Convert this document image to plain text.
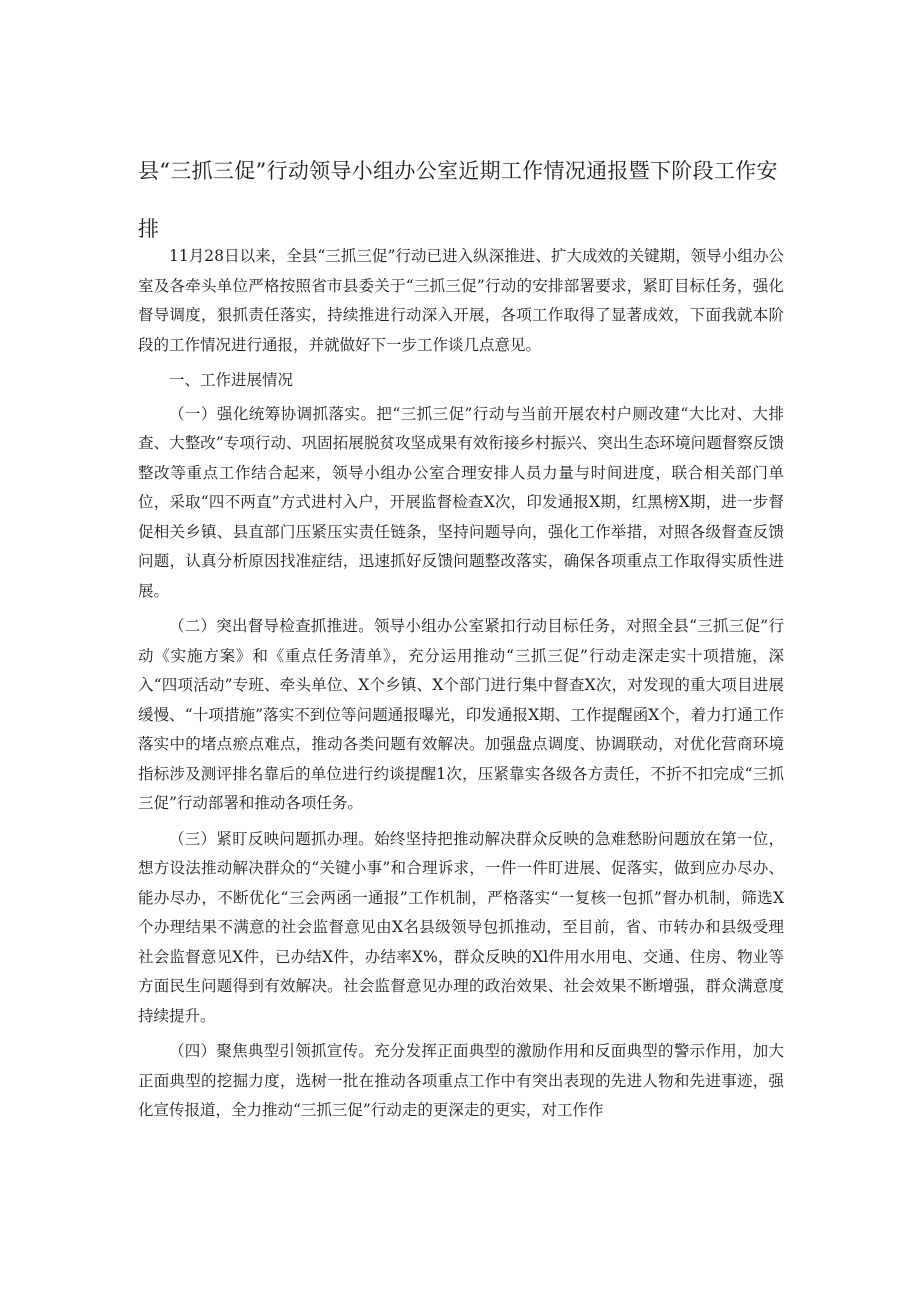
县“三抓三促”行动领导小组办公室近期工作情况通报暨下阶段工作安排

11月28日以来，全县“三抓三促”行动已进入纵深推进、扩大成效的关键期，领导小组办公室及各牵头单位严格按照省市县委关于“三抓三促”行动的安排部署要求，紧盯目标任务，强化督导调度，狠抓责任落实，持续推进行动深入开展，各项工作取得了显著成效，下面我就本阶段的工作情况进行通报，并就做好下一步工作谈几点意见。

一、工作进展情况

（一）强化统筹协调抓落实。把“三抓三促”行动与当前开展农村户厕改建“大比对、大排查、大整改”专项行动、巩固拓展脱贫攻坚成果有效衔接乡村振兴、突出生态环境问题督察反馈整改等重点工作结合起来，领导小组办公室合理安排人员力量与时间进度，联合相关部门单位，采取“四不两直”方式进村入户，开展监督检查X次，印发通报X期，红黑榜X期，进一步督促相关乡镇、县直部门压紧压实责任链条，坚持问题导向，强化工作举措，对照各级督查反馈问题，认真分析原因找准症结，迅速抓好反馈问题整改落实，确保各项重点工作取得实质性进展。

（二）突出督导检查抓推进。领导小组办公室紧扣行动目标任务，对照全县“三抓三促”行动《实施方案》和《重点任务清单》，充分运用推动“三抓三促”行动走深走实十项措施，深入“四项活动”专班、牵头单位、X个乡镇、X个部门进行集中督查X次，对发现的重大项目进展缓慢、“十项措施”落实不到位等问题通报曝光，印发通报X期、工作提醒函X个，着力打通工作落实中的堵点瘀点难点，推动各类问题有效解决。加强盘点调度、协调联动，对优化营商环境指标涉及测评排名靠后的单位进行约谈提醒1次，压紧靠实各级各方责任，不折不扣完成“三抓三促”行动部署和推动各项任务。

（三）紧盯反映问题抓办理。始终坚持把推动解决群众反映的急难愁盼问题放在第一位，想方设法推动解决群众的“关键小事”和合理诉求，一件一件盯进展、促落实，做到应办尽办、能办尽办，不断优化“三会两函一通报”工作机制，严格落实“一复核一包抓”督办机制，筛选X个办理结果不满意的社会监督意见由X名县级领导包抓推动，至目前，省、市转办和县级受理社会监督意见X件，已办结X件，办结率X%，群众反映的Xl件用水用电、交通、住房、物业等方面民生问题得到有效解决。社会监督意见办理的政治效果、社会效果不断增强，群众满意度持续提升。

（四）聚焦典型引领抓宣传。充分发挥正面典型的激励作用和反面典型的警示作用，加大正面典型的挖掘力度，选树一批在推动各项重点工作中有突出表现的先进人物和先进事迹，强化宣传报道，全力推动“三抓三促”行动走的更深走的更实，对工作作
